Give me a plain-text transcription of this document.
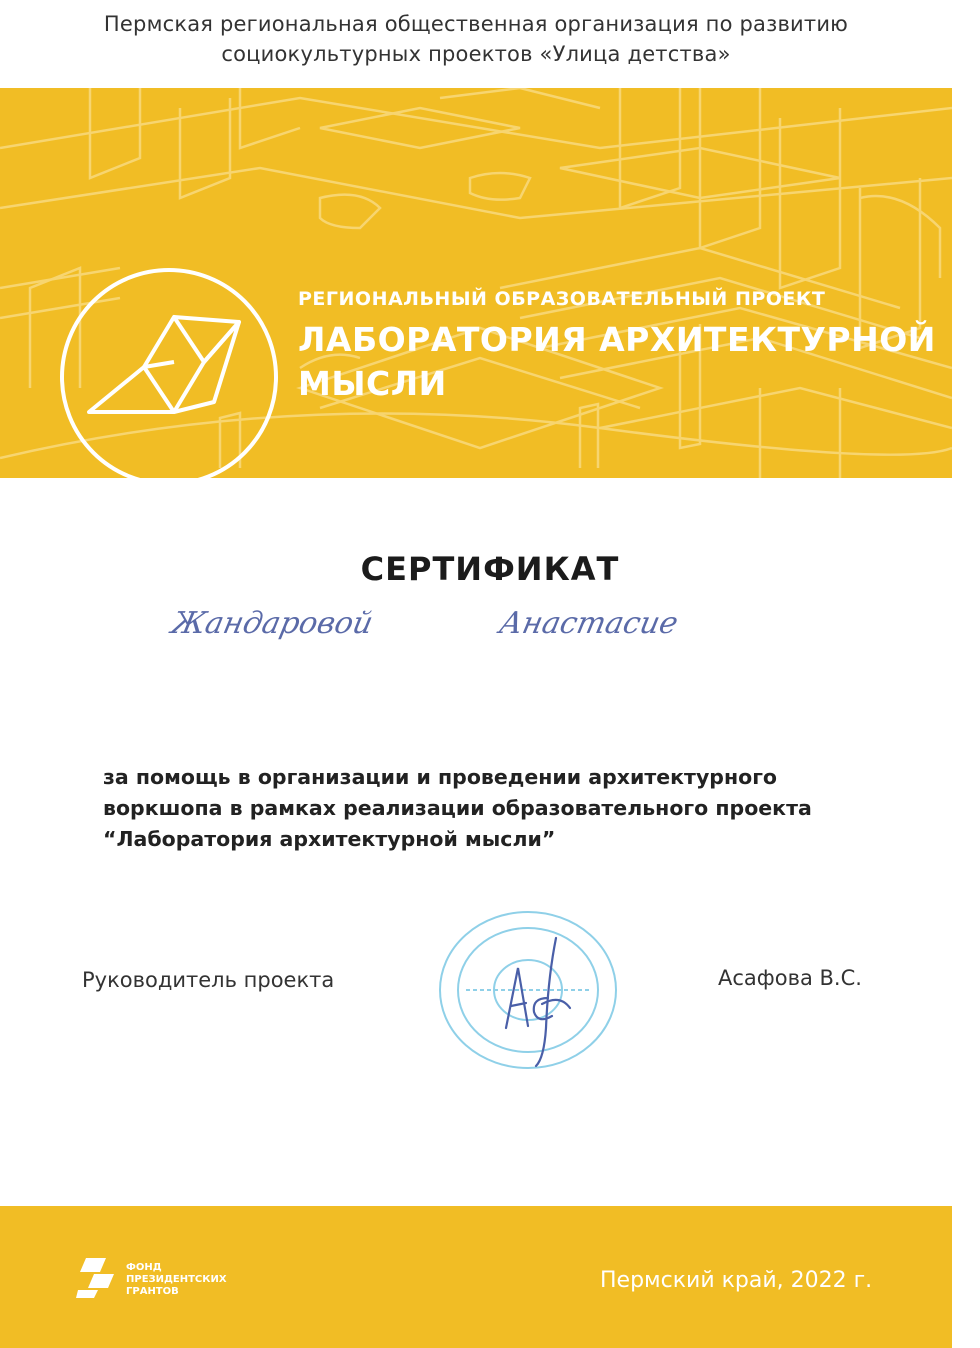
Пермская региональная общественная организация по развитию
социокультурных проектов «Улица детства»
РЕГИОНАЛЬНЫЙ ОБРАЗОВАТЕЛЬНЫЙ ПРОЕКТ
ЛАБОРАТОРИЯ АРХИТЕКТУРНОЙ
МЫСЛИ
СЕРТИФИКАТ
Жандаровой	Анастасие
за помощь в организации и проведении архитектурного
воркшопа в рамках реализации образовательного проекта
“Лаборатория архитектурной мысли”
Руководитель проекта	Асафова В.С.
ФОНД
ПРЕЗИДЕНТСКИХ
ГРАНТОВ	Пермский край, 2022 г.
